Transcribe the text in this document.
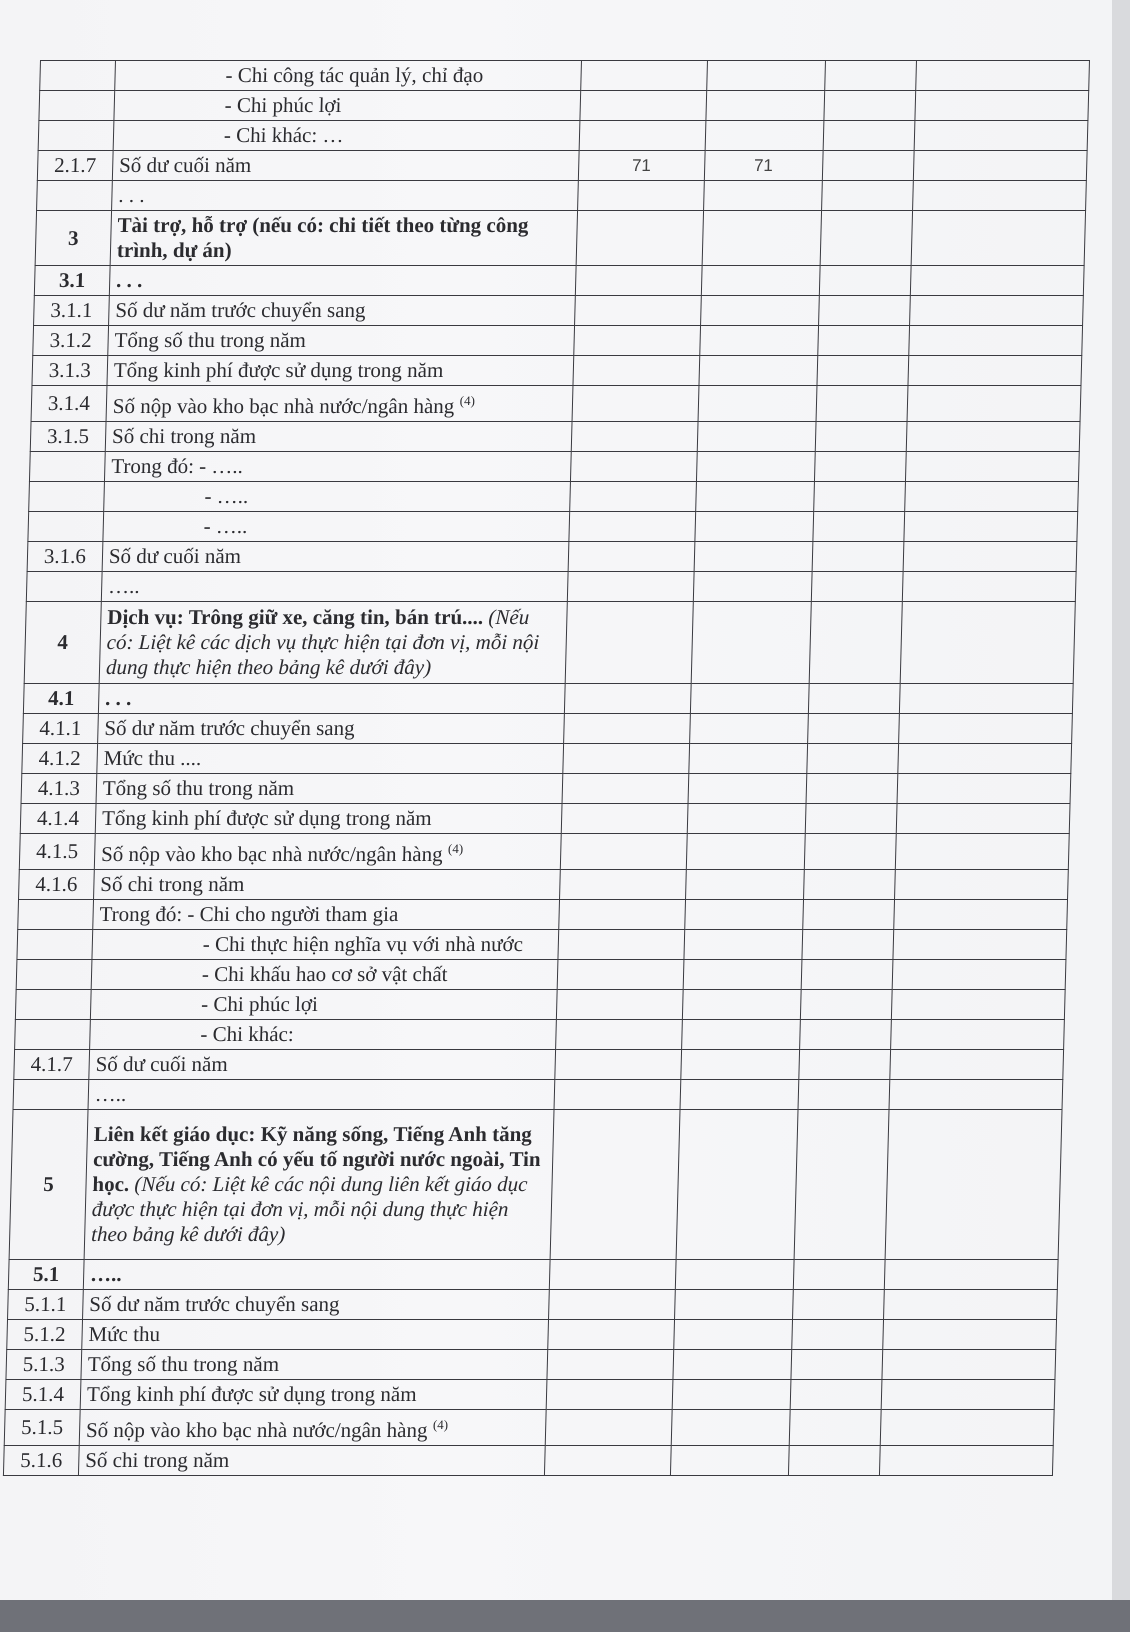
	- Chi công tác quản lý, chỉ đạo				
	- Chi phúc lợi				
	- Chi khác: …				
2.1.7	Số dư cuối năm	71	71		
	. . .				
3	Tài trợ, hỗ trợ (nếu có: chi tiết theo từng công trình, dự án)				
3.1	. . .				
3.1.1	Số dư năm trước chuyển sang				
3.1.2	Tổng số thu trong năm				
3.1.3	Tổng kinh phí được sử dụng trong năm				
3.1.4	Số nộp vào kho bạc nhà nước/ngân hàng $^{(4)}$				
3.1.5	Số chi trong năm				
	Trong đó: - …..				
	- …..				
	- …..				
3.1.6	Số dư cuối năm				
	…..				
4	Dịch vụ: Trông giữ xe, căng tin, bán trú.... (Nếu có: Liệt kê các dịch vụ thực hiện tại đơn vị, mỗi nội dung thực hiện theo bảng kê dưới đây)				
4.1	. . .				
4.1.1	Số dư năm trước chuyển sang				
4.1.2	Mức thu ....				
4.1.3	Tổng số thu trong năm				
4.1.4	Tổng kinh phí được sử dụng trong năm				
4.1.5	Số nộp vào kho bạc nhà nước/ngân hàng $^{(4)}$				
4.1.6	Số chi trong năm				
	Trong đó: - Chi cho người tham gia				
	- Chi thực hiện nghĩa vụ với nhà nước				
	- Chi khấu hao cơ sở vật chất				
	- Chi phúc lợi				
	- Chi khác:				
4.1.7	Số dư cuối năm				
	…..				
5	Liên kết giáo dục: Kỹ năng sống, Tiếng Anh tăng cường, Tiếng Anh có yếu tố người nước ngoài, Tin học. (Nếu có: Liệt kê các nội dung liên kết giáo dục được thực hiện tại đơn vị, mỗi nội dung thực hiện theo bảng kê dưới đây)				
5.1	…..				
5.1.1	Số dư năm trước chuyển sang				
5.1.2	Mức thu				
5.1.3	Tổng số thu trong năm				
5.1.4	Tổng kinh phí được sử dụng trong năm				
5.1.5	Số nộp vào kho bạc nhà nước/ngân hàng $^{(4)}$				
5.1.6	Số chi trong năm				
